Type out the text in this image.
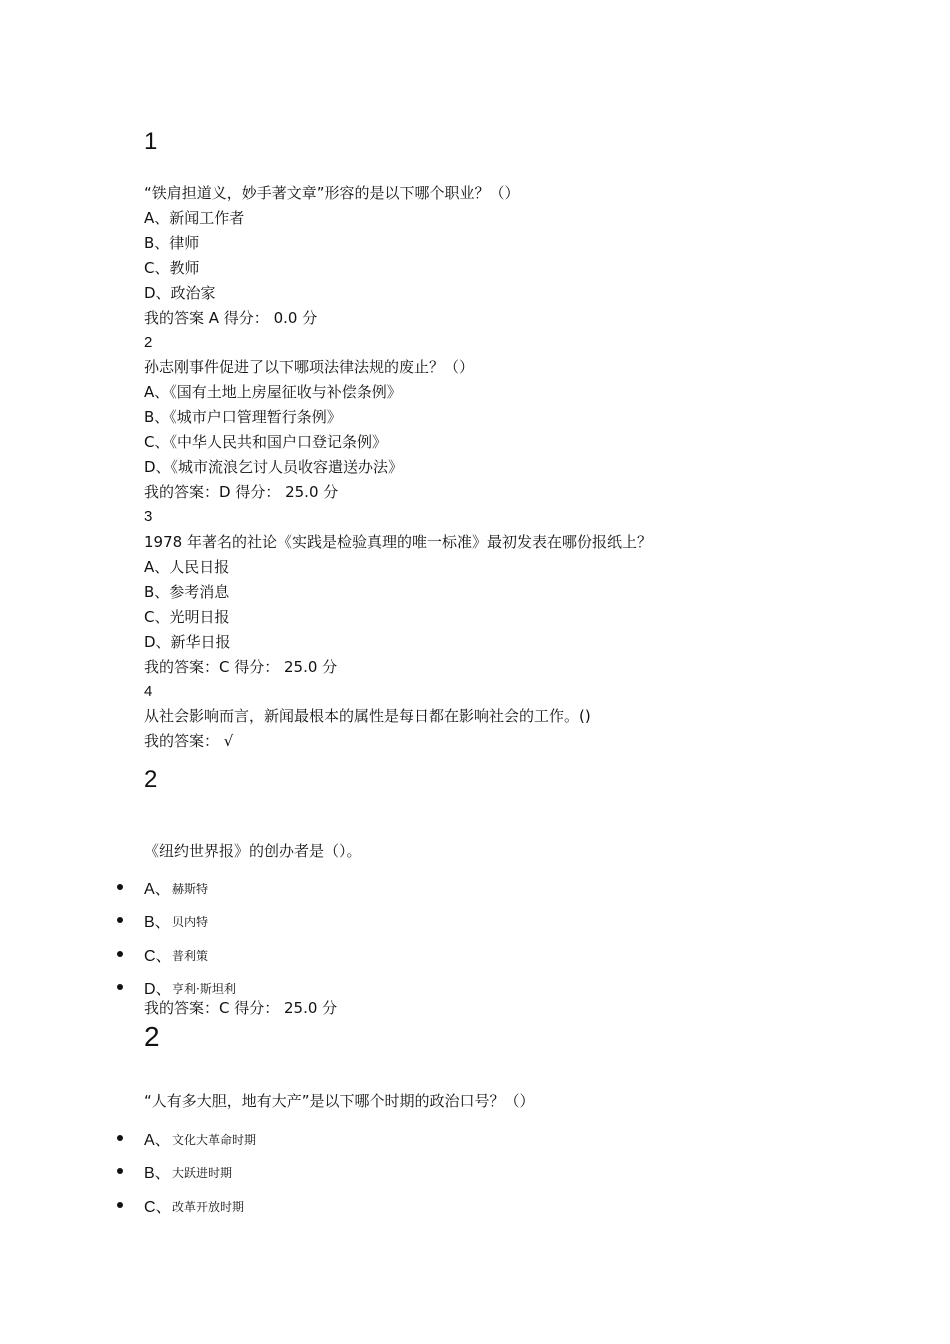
1
“铁肩担道义，妙手著文章”形容的是以下哪个职业？（）
A、新闻工作者
B、律师
C、教师
D、政治家
我的答案 A 得分： 0.0 分
2
孙志刚事件促进了以下哪项法律法规的废止？（）
A、《国有土地上房屋征收与补偿条例》
B、《城市户口管理暂行条例》
C、《中华人民共和国户口登记条例》
D、《城市流浪乞讨人员收容遣送办法》
我的答案：D 得分： 25.0 分
3
1978 年著名的社论《实践是检验真理的唯一标准》最初发表在哪份报纸上？
A、人民日报
B、参考消息
C、光明日报
D、新华日报
我的答案：C 得分： 25.0 分
4
从社会影响而言，新闻最根本的属性是每日都在影响社会的工作。()
我的答案： √
2
《纽约世界报》的创办者是（）。
A、 赫斯特
B、 贝内特
C、 普利策
D、 亨利·斯坦利
我的答案：C 得分： 25.0 分
2
“人有多大胆，地有大产”是以下哪个时期的政治口号？（）
A、 文化大革命时期
B、 大跃进时期
C、 改革开放时期
